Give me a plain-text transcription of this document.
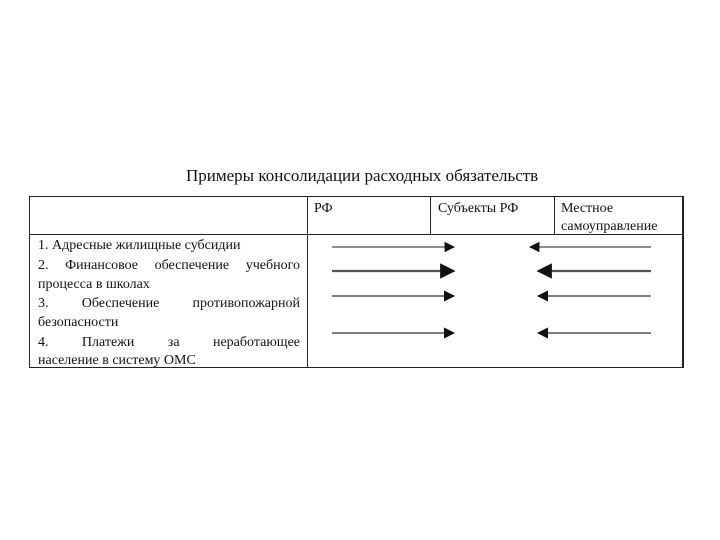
Примеры консолидации расходных обязательств
РФ	Субъекты РФ	Местное
самоуправление
1. Адресные жилищные субсидии
2. Финансовое обеспечение учебного
процесса в школах
3. Обеспечение противопожарной
безопасности
4. Платежи за неработающее
население в систему ОМС
